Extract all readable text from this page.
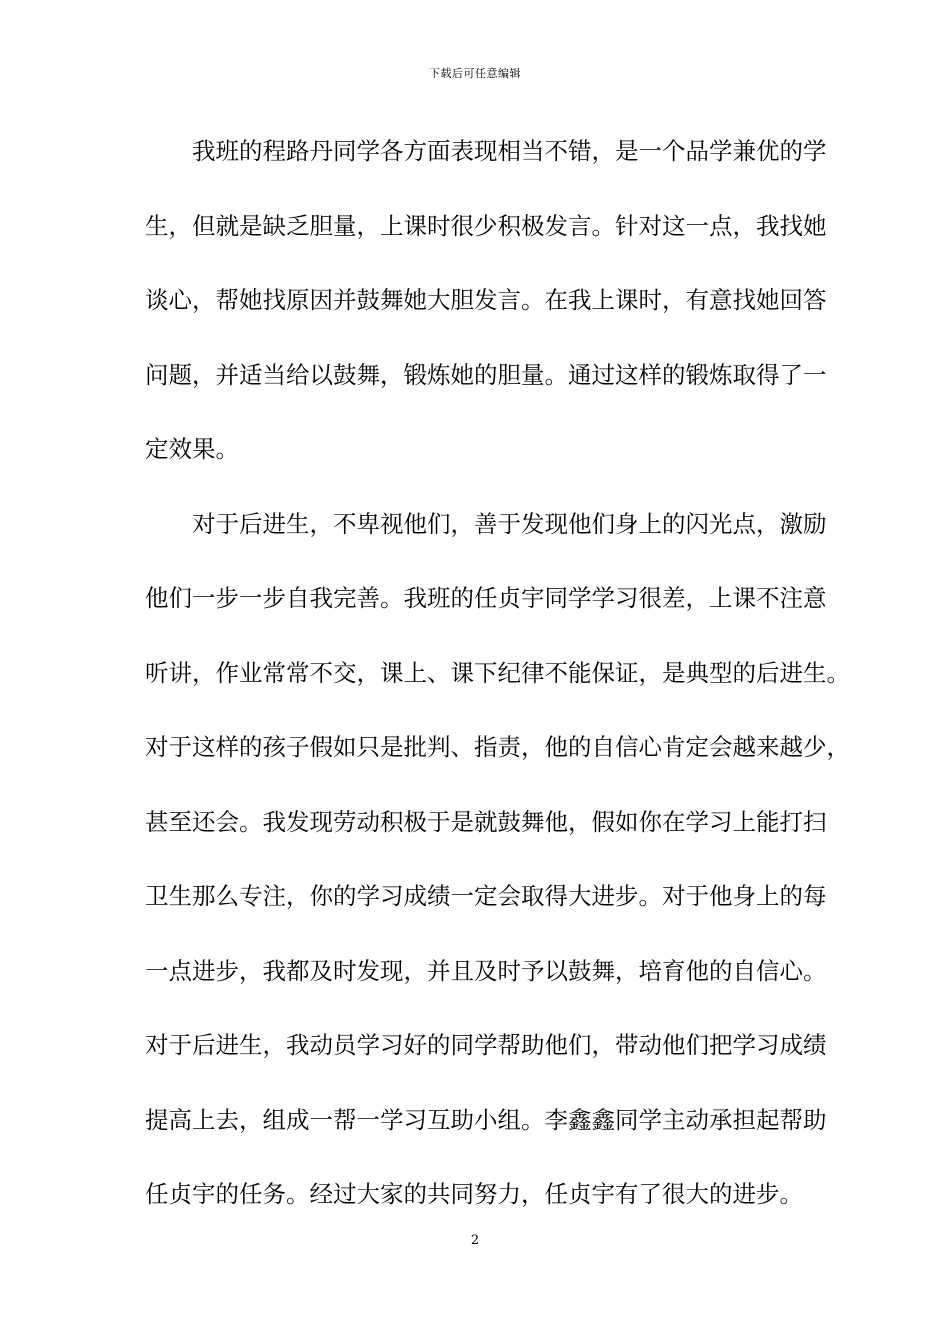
下载后可任意编辑
我班的程路丹同学各方面表现相当不错，是一个品学兼优的学
生，但就是缺乏胆量，上课时很少积极发言。针对这一点，我找她
谈心，帮她找原因并鼓舞她大胆发言。在我上课时，有意找她回答
问题，并适当给以鼓舞，锻炼她的胆量。通过这样的锻炼取得了一
定效果。
对于后进生，不卑视他们，善于发现他们身上的闪光点，激励
他们一步一步自我完善。我班的任贞宇同学学习很差，上课不注意
听讲，作业常常不交，课上、课下纪律不能保证，是典型的后进生。
对于这样的孩子假如只是批判、指责，他的自信心肯定会越来越少，
甚至还会。我发现劳动积极于是就鼓舞他，假如你在学习上能打扫
卫生那么专注，你的学习成绩一定会取得大进步。对于他身上的每
一点进步，我都及时发现，并且及时予以鼓舞，培育他的自信心。
对于后进生，我动员学习好的同学帮助他们，带动他们把学习成绩
提高上去，组成一帮一学习互助小组。李鑫鑫同学主动承担起帮助
任贞宇的任务。经过大家的共同努力，任贞宇有了很大的进步。
2
